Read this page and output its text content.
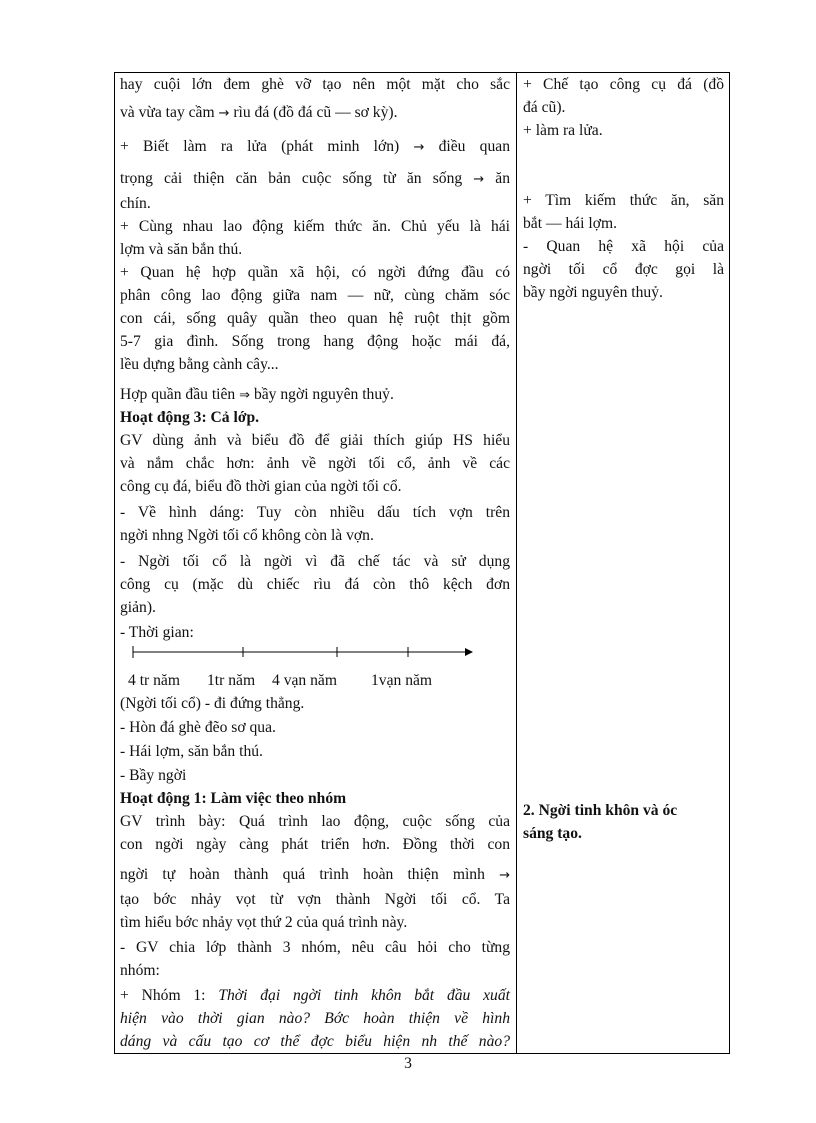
hay cuội lớn đem ghè vỡ tạo nên một mặt cho sắc
và vừa tay cầm → rìu đá (đồ đá cũ — sơ kỳ).
+ Biết làm ra lửa (phát minh lớn) → điều quan
trọng cải thiện căn bản cuộc sống từ ăn sống → ăn
chín.
+ Cùng nhau lao động kiếm thức ăn. Chủ yếu là hái
lợm và săn bắn thú.
+ Quan hệ hợp quần xã hội, có ngời đứng đầu có
phân công lao động giữa nam — nữ, cùng chăm sóc
con cái, sống quây quần theo quan hệ ruột thịt gồm
5-7 gia đình. Sống trong hang động hoặc mái đá,
lều dựng bằng cành cây...
Hợp quần đầu tiên ⇒ bầy ngời nguyên thuỷ.
Hoạt động 3: Cả lớp.
GV dùng ảnh và biểu đồ để giải thích giúp HS hiểu
và nắm chắc hơn: ảnh về ngời tối cổ, ảnh về các
công cụ đá, biểu đồ thời gian của ngời tối cổ.
- Về hình dáng: Tuy còn nhiều dấu tích vợn trên
ngời nhng Ngời tối cổ không còn là vợn.
- Ngời tối cổ là ngời vì đã chế tác và sử dụng
công cụ (mặc dù chiếc rìu đá còn thô kệch đơn
giản).
- Thời gian:
4 tr năm 1tr năm 4 vạn năm 1vạn năm
(Ngời tối cổ) - đi đứng thẳng.
- Hòn đá ghè đẽo sơ qua.
- Hái lợm, săn bắn thú.
- Bầy ngời
Hoạt động 1: Làm việc theo nhóm
GV trình bày: Quá trình lao động, cuộc sống của
con ngời ngày càng phát triển hơn. Đồng thời con
ngời tự hoàn thành quá trình hoàn thiện mình →
tạo bớc nhảy vọt từ vợn thành Ngời tối cổ. Ta
tìm hiểu bớc nhảy vọt thứ 2 của quá trình này.
- GV chia lớp thành 3 nhóm, nêu câu hỏi cho từng
nhóm:
+ Nhóm 1: Thời đại ngời tinh khôn bắt đầu xuất
hiện vào thời gian nào? Bớc hoàn thiện về hình
dáng và cấu tạo cơ thể đợc biểu hiện nh thế nào?
+ Chế tạo công cụ đá (đồ
đá cũ).
+ làm ra lửa.
+ Tìm kiếm thức ăn, săn
bắt — hái lợm.
- Quan hệ xã hội của
ngời tối cổ đợc gọi là
bầy ngời nguyên thuỷ.
2. Ngời tinh khôn và óc
sáng tạo.
3
